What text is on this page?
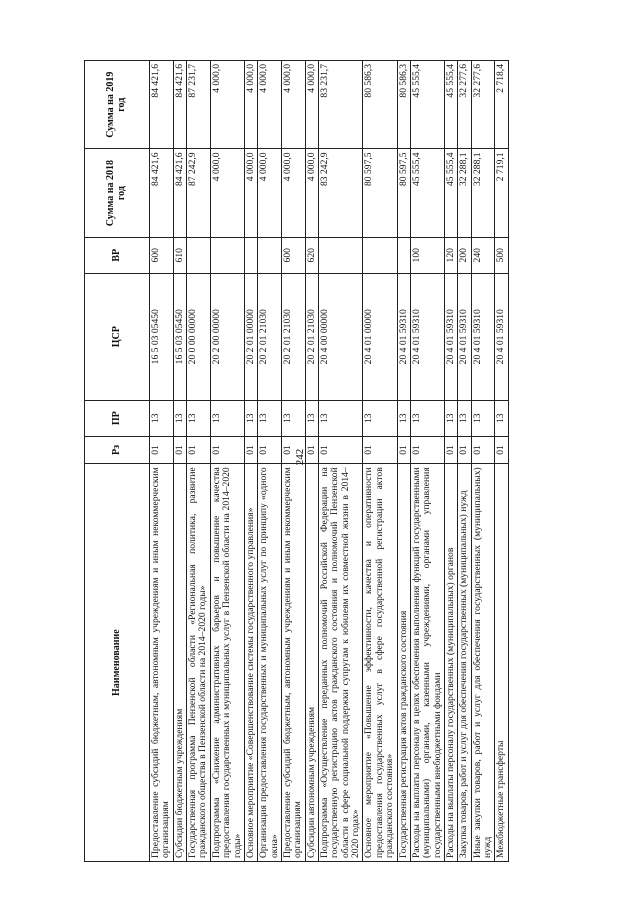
242
Наименование	Рз	ПР	ЦСР	ВР	Сумма на 2018 год	Сумма на 2019 год
Предоставление субсидий бюджетным, автономным учреждениям и иным некоммерческим организациям	01	13	16 5 03 05450	600	84 421,6	84 421,6
Субсидии бюджетным учреждениям	01	13	16 5 03 05450	610	84 421,6	84 421,6
Государственная программа Пензенской области «Региональная политика, развитие гражданского общества в Пензенской области на 2014–2020 годы»	01	13	20 0 00 00000		87 242,9	87 231,7
Подпрограмма «Снижение административных барьеров и повышение качества предоставления государственных и муниципальных услуг в Пензенской области на 2014–2020 годы»	01	13	20 2 00 00000		4 000,0	4 000,0
Основное мероприятие «Совершенствование системы государственного управления»	01	13	20 2 01 00000		4 000,0	4 000,0
Организация предоставления государственных и муниципальных услуг по принципу «одного окна»	01	13	20 2 01 21030		4 000,0	4 000,0
Предоставление субсидий бюджетным, автономным учреждениям и иным некоммерческим организациям	01	13	20 2 01 21030	600	4 000,0	4 000,0
Субсидии автономным учреждениям	01	13	20 2 01 21030	620	4 000,0	4 000,0
Подпрограмма «Осуществление переданных полномочий Российской Федерации на государственную регистрацию актов гражданского состояния и полномочий Пензенской области в сфере социальной поддержки супругам к юбилеям их совместной жизни в 2014–2020 годах»	01	13	20 4 00 00000		83 242,9	83 231,7
Основное мероприятие «Повышение эффективности, качества и оперативности предоставления государственных услуг в сфере государственной регистрации актов гражданского состояния»	01	13	20 4 01 00000		80 597,5	80 586,3
Государственная регистрация актов гражданского состояния	01	13	20 4 01 59310		80 597,5	80 586,3
Расходы на выплаты персоналу в целях обеспечения выполнения функций государственными (муниципальными) органами, казенными учреждениями, органами управления государственными внебюджетными фондами	01	13	20 4 01 59310	100	45 555,4	45 555,4
Расходы на выплаты персоналу государственных (муниципальных) органов	01	13	20 4 01 59310	120	45 555,4	45 555,4
Закупка товаров, работ и услуг для обеспечения государственных (муниципальных) нужд	01	13	20 4 01 59310	200	32 288,1	32 277,6
Иные закупки товаров, работ и услуг для обеспечения государственных (муниципальных) нужд	01	13	20 4 01 59310	240	32 288,1	32 277,6
Межбюджетные трансферты	01	13	20 4 01 59310	500	2 719,1	2 718,4
